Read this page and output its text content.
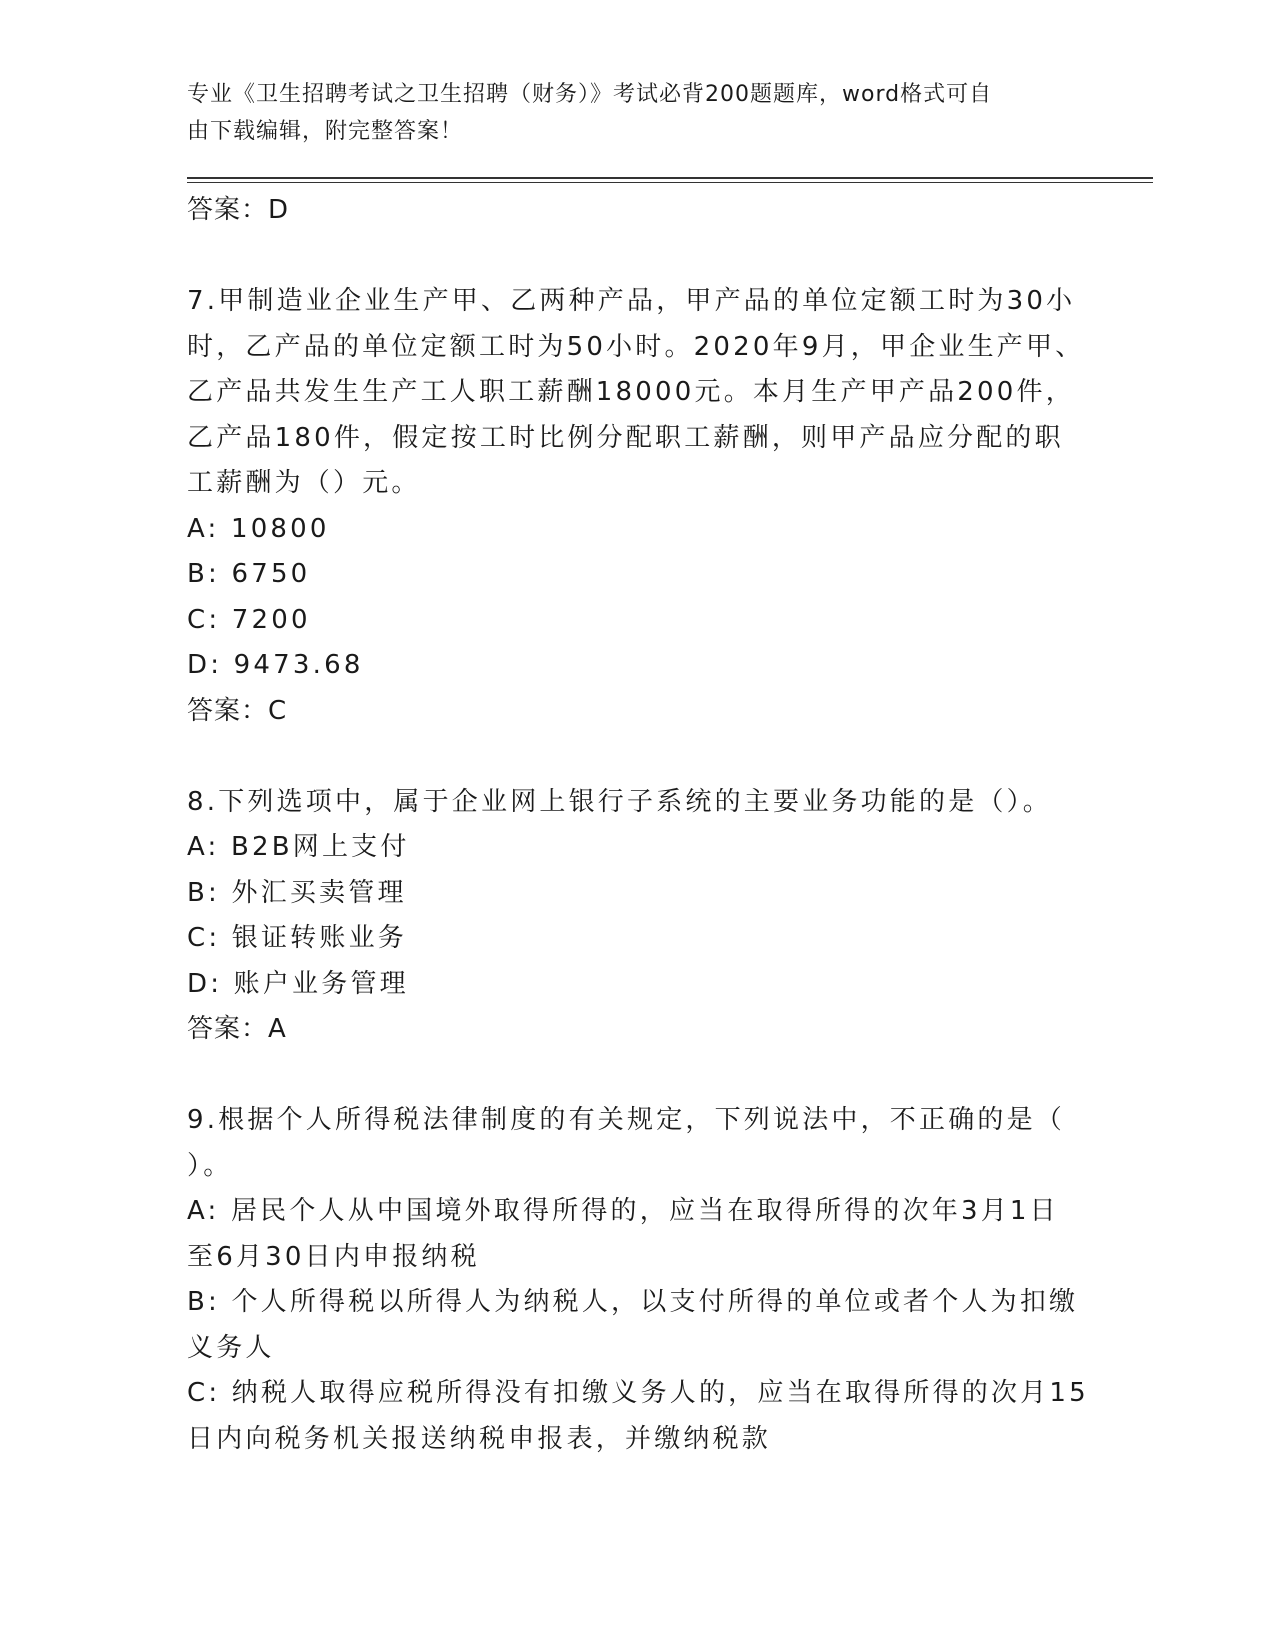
专业《卫生招聘考试之卫生招聘（财务）》考试必背200题题库，word格式可自
由下载编辑，附完整答案！
答案：D
7.甲制造业企业生产甲、乙两种产品，甲产品的单位定额工时为30小
时，乙产品的单位定额工时为50小时。2020年9月，甲企业生产甲、
乙产品共发生生产工人职工薪酬18000元。本月生产甲产品200件，
乙产品180件，假定按工时比例分配职工薪酬，则甲产品应分配的职
工薪酬为（）元。
A: 10800
B: 6750
C: 7200
D: 9473.68
答案：C
8.下列选项中，属于企业网上银行子系统的主要业务功能的是（）。
A: B2B网上支付
B: 外汇买卖管理
C: 银证转账业务
D: 账户业务管理
答案：A
9.根据个人所得税法律制度的有关规定，下列说法中，不正确的是（
）。
A: 居民个人从中国境外取得所得的，应当在取得所得的次年3月1日
至6月30日内申报纳税
B: 个人所得税以所得人为纳税人，以支付所得的单位或者个人为扣缴
义务人
C: 纳税人取得应税所得没有扣缴义务人的，应当在取得所得的次月15
日内向税务机关报送纳税申报表，并缴纳税款
